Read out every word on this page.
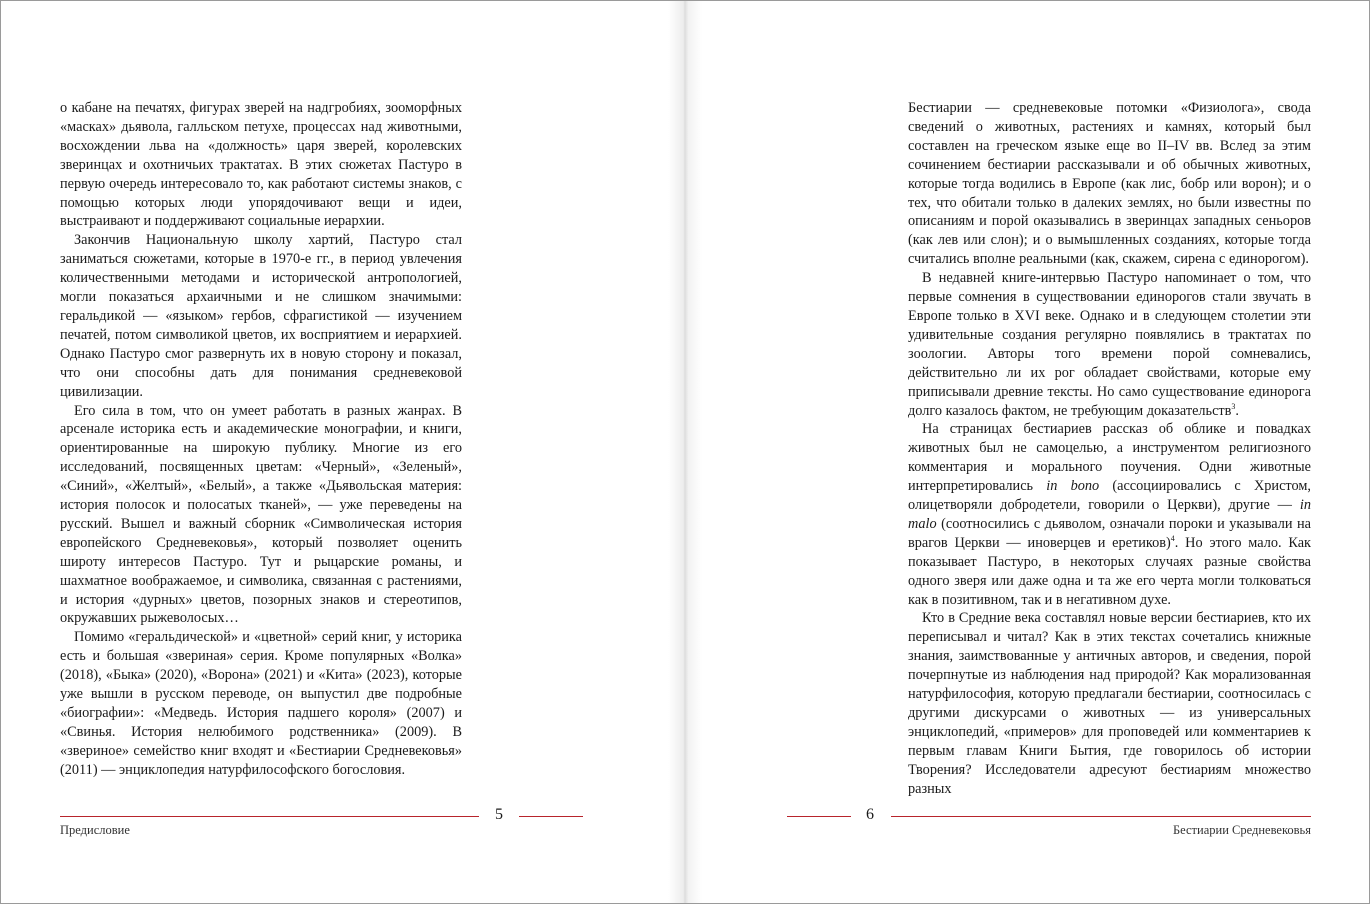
о кабане на печатях, фигурах зверей на надгробиях, зооморфных «масках» дьявола, галльском петухе, процессах над животными, восхождении льва на «должность» царя зверей, королевских зверинцах и охотничьих трактатах. В этих сюжетах Пастуро в первую очередь интересовало то, как работают системы знаков, с помощью которых люди упорядочивают вещи и идеи, выстраивают и поддерживают социальные иерархии.

Закончив Национальную школу хартий, Пастуро стал заниматься сюжетами, которые в 1970-е гг., в период увлечения количественными методами и исторической антропологией, могли показаться архаичными и не слишком значимыми: геральдикой — «языком» гербов, сфрагистикой — изучением печатей, потом символикой цветов, их восприятием и иерархией. Однако Пастуро смог развернуть их в новую сторону и показал, что они способны дать для понимания средневековой цивилизации.

Его сила в том, что он умеет работать в разных жанрах. В арсенале историка есть и академические монографии, и книги, ориентированные на широкую публику. Многие из его исследований, посвященных цветам: «Черный», «Зеленый», «Синий», «Желтый», «Белый», а также «Дьявольская материя: история полосок и полосатых тканей», — уже переведены на русский. Вышел и важный сборник «Символическая история европейского Средневековья», который позволяет оценить широту интересов Пастуро. Тут и рыцарские романы, и шахматное воображаемое, и символика, связанная с растениями, и история «дурных» цветов, позорных знаков и стереотипов, окружавших рыжеволосых…

Помимо «геральдической» и «цветной» серий книг, у историка есть и большая «звериная» серия. Кроме популярных «Волка» (2018), «Быка» (2020), «Ворона» (2021) и «Кита» (2023), которые уже вышли в русском переводе, он выпустил две подробные «биографии»: «Медведь. История падшего короля» (2007) и «Свинья. История нелюбимого родственника» (2009). В «звериное» семейство книг входят и «Бестиарии Средневековья» (2011) — энциклопедия натурфилософского богословия.

5
Предисловие

Бестиарии — средневековые потомки «Физиолога», свода сведений о животных, растениях и камнях, который был составлен на греческом языке еще во II–IV вв. Вслед за этим сочинением бестиарии рассказывали и об обычных животных, которые тогда водились в Европе (как лис, бобр или ворон); и о тех, что обитали только в далеких землях, но были известны по описаниям и порой оказывались в зверинцах западных сеньоров (как лев или слон); и о вымышленных созданиях, которые тогда считались вполне реальными (как, скажем, сирена с единорогом).

В недавней книге-интервью Пастуро напоминает о том, что первые сомнения в существовании единорогов стали звучать в Европе только в XVI веке. Однако и в следующем столетии эти удивительные создания регулярно появлялись в трактатах по зоологии. Авторы того времени порой сомневались, действительно ли их рог обладает свойствами, которые ему приписывали древние тексты. Но само существование единорога долго казалось фактом, не требующим доказательств$^3$.

На страницах бестиариев рассказ об облике и повадках животных был не самоцелью, а инструментом религиозного комментария и морального поучения. Одни животные интерпретировались in bono (ассоциировались с Христом, олицетворяли добродетели, говорили о Церкви), другие — in malo (соотносились с дьяволом, означали пороки и указывали на врагов Церкви — иноверцев и еретиков)$^4$. Но этого мало. Как показывает Пастуро, в некоторых случаях разные свойства одного зверя или даже одна и та же его черта могли толковаться как в позитивном, так и в негативном духе.

Кто в Средние века составлял новые версии бестиариев, кто их переписывал и читал? Как в этих текстах сочетались книжные знания, заимствованные у античных авторов, и сведения, порой почерпнутые из наблюдения над природой? Как морализованная натурфилософия, которую предлагали бестиарии, соотносилась с другими дискурсами о животных — из универсальных энциклопедий, «примеров» для проповедей или комментариев к первым главам Книги Бытия, где говорилось об истории Творения? Исследователи адресуют бестиариям множество разных

6
Бестиарии Средневековья
